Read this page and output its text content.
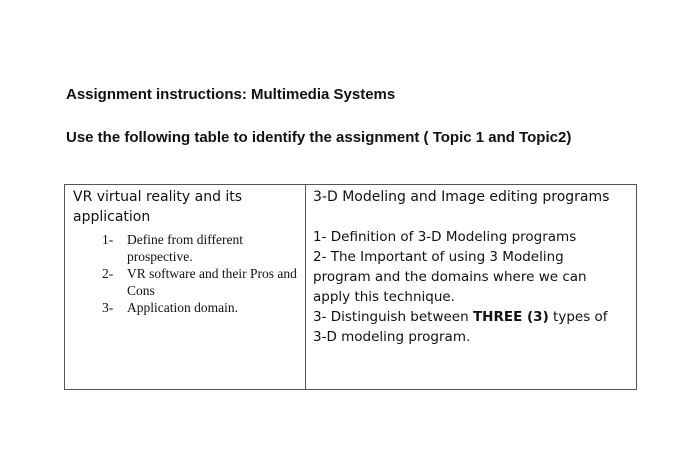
Assignment instructions: Multimedia Systems

Use the following table to identify the assignment ( Topic 1 and Topic2)

VR virtual reality and its application
1- Define from different prospective.
2- VR software and their Pros and Cons
3- Application domain.

3-D Modeling and Image editing programs

1- Definition of 3-D Modeling programs

2- The Important of using 3 Modeling program and the domains where we can apply this technique.

3- Distinguish between THREE (3) types of 3-D modeling program.
